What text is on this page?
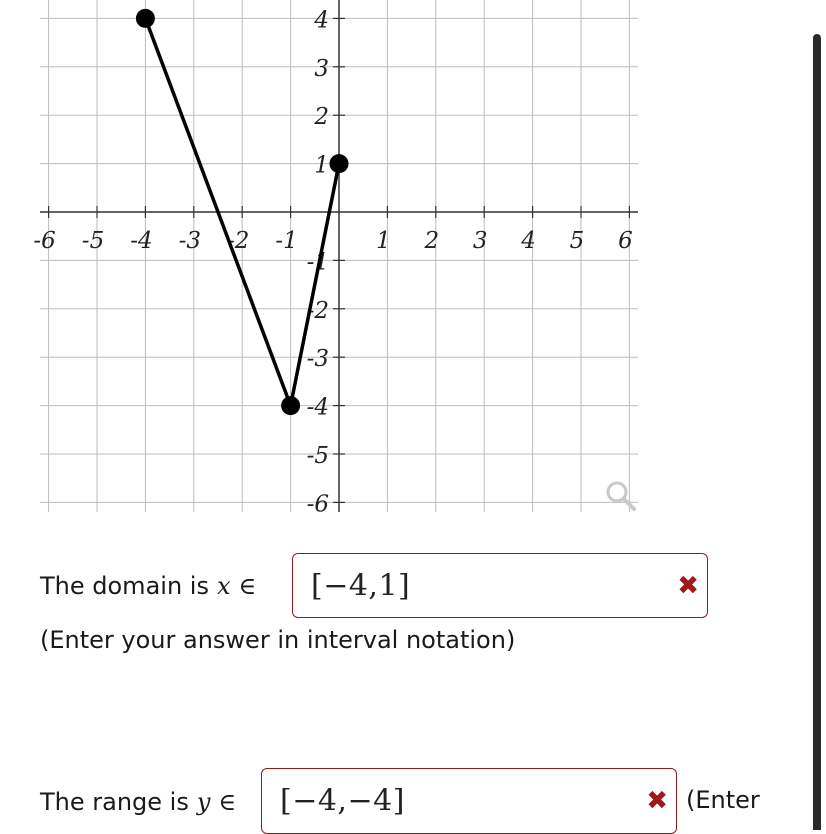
-6 -5 -4 -3 -2 -1	1 2 3 4 5 6
4
3
2
1
-1
-2
-3
-4
-5
-6
The domain is x ∈ [−4,1]	✖
(Enter your answer in interval notation)
The range is y ∈ [−4,−4]	✖ (Enter
